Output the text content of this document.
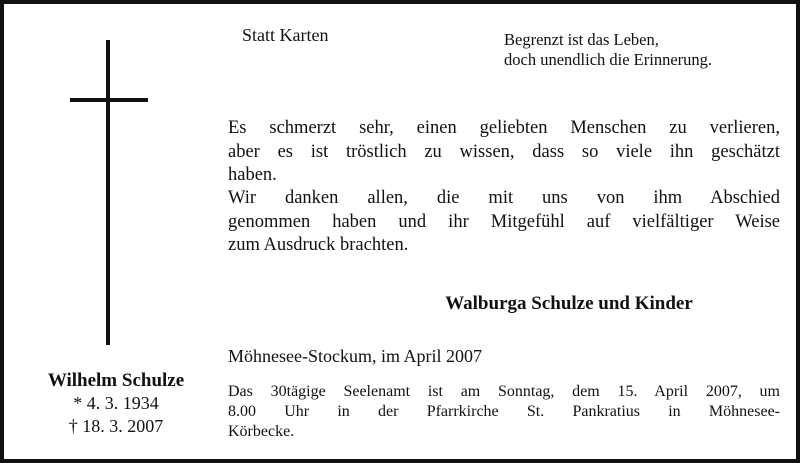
Statt Karten	Begrenzt ist das Leben,
doch unendlich die Erinnerung.
Es schmerzt sehr, einen geliebten Menschen zu verlieren,
aber es ist tröstlich zu wissen, dass so viele ihn geschätzt
haben.
Wir danken allen, die mit uns von ihm Abschied
genommen haben und ihr Mitgefühl auf vielfältiger Weise
zum Ausdruck brachten.
Walburga Schulze und Kinder
Möhnesee-Stockum, im April 2007
Das 30tägige Seelenamt ist am Sonntag, dem 15. April 2007, um
8.00 Uhr in der Pfarrkirche St. Pankratius in Möhnesee-
Körbecke.
Wilhelm Schulze
* 4. 3. 1934
† 18. 3. 2007
